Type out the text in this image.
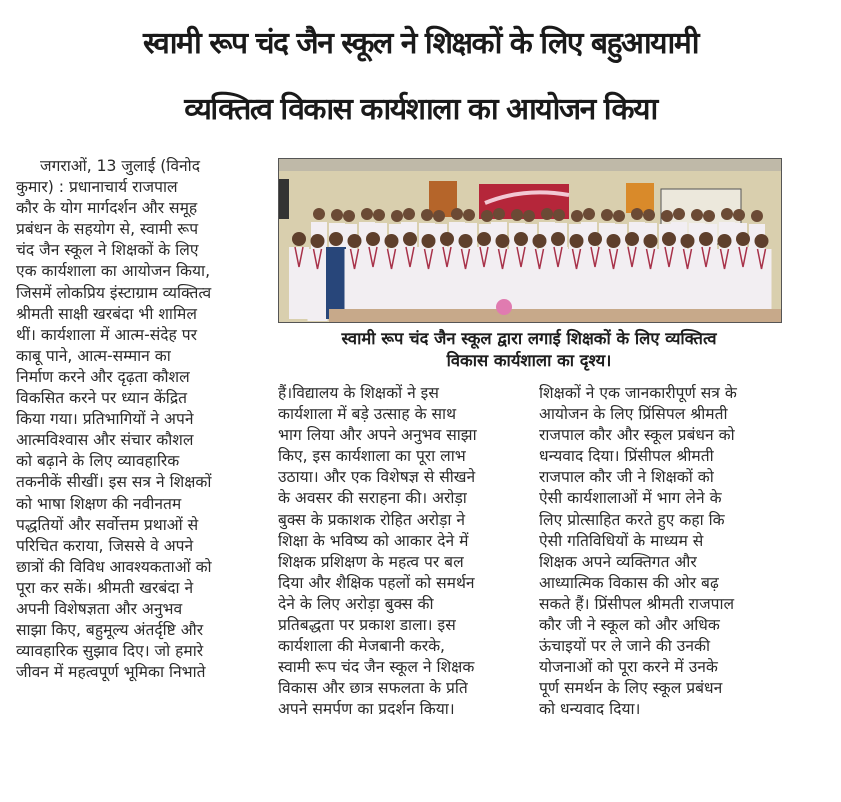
स्वामी रूप चंद जैन स्कूल ने शिक्षकों के लिए बहुआयामी
व्यक्तित्व विकास कार्यशाला का आयोजन किया
जगराओं, 13 जुलाई (विनोद
कुमार) : प्रधानाचार्य राजपाल
कौर के योग मार्गदर्शन और समूह
प्रबंधन के सहयोग से, स्वामी रूप
चंद जैन स्कूल ने शिक्षकों के लिए
एक कार्यशाला का आयोजन किया,
जिसमें लोकप्रिय इंस्टाग्राम व्यक्तित्व
श्रीमती साक्षी खरबंदा भी शामिल
थीं। कार्यशाला में आत्म-संदेह पर
काबू पाने, आत्म-सम्मान का
निर्माण करने और दृढ़ता कौशल
विकसित करने पर ध्यान केंद्रित
किया गया। प्रतिभागियों ने अपने
आत्मविश्वास और संचार कौशल
को बढ़ाने के लिए व्यावहारिक
तकनीकें सीखीं। इस सत्र ने शिक्षकों
को भाषा शिक्षण की नवीनतम
पद्धतियों और सर्वोत्तम प्रथाओं से
परिचित कराया, जिससे वे अपने
छात्रों की विविध आवश्यकताओं को
पूरा कर सकें। श्रीमती खरबंदा ने
अपनी विशेषज्ञता और अनुभव
साझा किए, बहुमूल्य अंतर्दृष्टि और
व्यावहारिक सुझाव दिए। जो हमारे
जीवन में महत्वपूर्ण भूमिका निभाते
स्वामी रूप चंद जैन स्कूल द्वारा लगाई शिक्षकों के लिए व्यक्तित्व
विकास कार्यशाला का दृश्य।
हैं।विद्यालय के शिक्षकों ने इस
कार्यशाला में बड़े उत्साह के साथ
भाग लिया और अपने अनुभव साझा
किए, इस कार्यशाला का पूरा लाभ
उठाया। और एक विशेषज्ञ से सीखने
के अवसर की सराहना की। अरोड़ा
बुक्स के प्रकाशक रोहित अरोड़ा ने
शिक्षा के भविष्य को आकार देने में
शिक्षक प्रशिक्षण के महत्व पर बल
दिया और शैक्षिक पहलों को समर्थन
देने के लिए अरोड़ा बुक्स की
प्रतिबद्धता पर प्रकाश डाला। इस
कार्यशाला की मेजबानी करके,
स्वामी रूप चंद जैन स्कूल ने शिक्षक
विकास और छात्र सफलता के प्रति
अपने समर्पण का प्रदर्शन किया।
शिक्षकों ने एक जानकारीपूर्ण सत्र के
आयोजन के लिए प्रिंसिपल श्रीमती
राजपाल कौर और स्कूल प्रबंधन को
धन्यवाद दिया। प्रिंसीपल श्रीमती
राजपाल कौर जी ने शिक्षकों को
ऐसी कार्यशालाओं में भाग लेने के
लिए प्रोत्साहित करते हुए कहा कि
ऐसी गतिविधियों के माध्यम से
शिक्षक अपने व्यक्तिगत और
आध्यात्मिक विकास की ओर बढ़
सकते हैं। प्रिंसीपल श्रीमती राजपाल
कौर जी ने स्कूल को और अधिक
ऊंचाइयों पर ले जाने की उनकी
योजनाओं को पूरा करने में उनके
पूर्ण समर्थन के लिए स्कूल प्रबंधन
को धन्यवाद दिया।
